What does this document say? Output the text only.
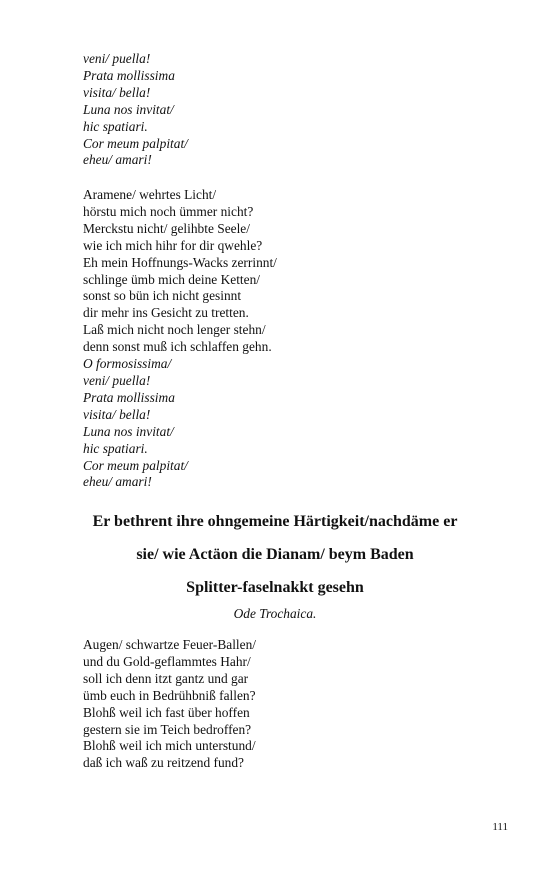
veni/ puella!
Prata mollissima
visita/ bella!
Luna nos invitat/
hic spatiari.
Cor meum palpitat/
eheu/ amari!
Aramene/ wehrtes Licht/
hörstu mich noch ümmer nicht?
Merckstu nicht/ gelihbte Seele/
wie ich mich hihr for dir qwehle?
Eh mein Hoffnungs-Wacks zerrinnt/
schlinge ümb mich deine Ketten/
sonst so bün ich nicht gesinnt
dir mehr ins Gesicht zu tretten.
Laß mich nicht noch lenger stehn/
denn sonst muß ich schlaffen gehn.
O formosissima/
veni/ puella!
Prata mollissima
visita/ bella!
Luna nos invitat/
hic spatiari.
Cor meum palpitat/
eheu/ amari!
Er bethrent ihre ohngemeine Härtigkeit/nachdäme er
sie/ wie Actäon die Dianam/ beym Baden
Splitter-faselnakkt gesehn
Ode Trochaica.
Augen/ schwartze Feuer-Ballen/
und du Gold-geflammtes Hahr/
soll ich denn itzt gantz und gar
ümb euch in Bedrühbniß fallen?
Blohß weil ich fast über hoffen
gestern sie im Teich bedroffen?
Blohß weil ich mich unterstund/
daß ich waß zu reitzend fund?
111
